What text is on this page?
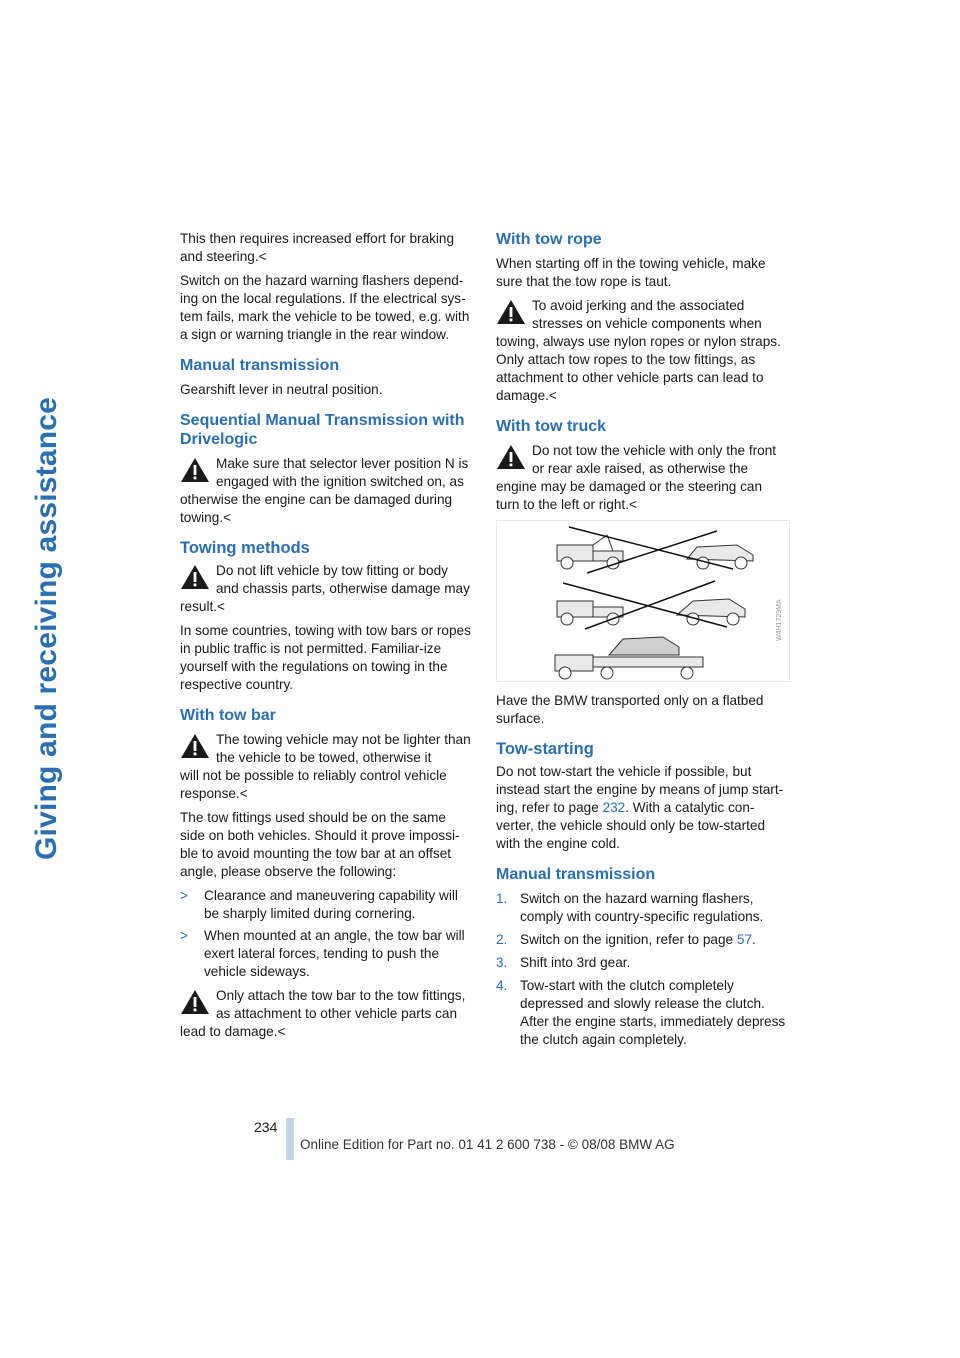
Giving and receiving assistance

This then requires increased effort for braking and steering.<

Switch on the hazard warning flashers depend-ing on the local regulations. If the electrical sys-tem fails, mark the vehicle to be towed, e.g. with a sign or warning triangle in the rear window.

Manual transmission

Gearshift lever in neutral position.

Sequential Manual Transmission with Drivelogic
Make sure that selector lever position N is engaged with the ignition switched on, as
otherwise the engine can be damaged during towing.<
Towing methods
Do not lift vehicle by tow fitting or body and chassis parts, otherwise damage may
result.<

In some countries, towing with tow bars or ropes in public traffic is not permitted. Familiar-ize yourself with the regulations on towing in the respective country.

With tow bar
The towing vehicle may not be lighter than the vehicle to be towed, otherwise it
will not be possible to reliably control vehicle response.<

The tow fittings used should be on the same side on both vehicles. Should it prove impossi-ble to avoid mounting the tow bar at an offset angle, please observe the following:

> Clearance and maneuvering capability will be sharply limited during cornering.
> When mounted at an angle, the tow bar will exert lateral forces, tending to push the vehicle sideways.
Only attach the tow bar to the tow fittings, as attachment to other vehicle parts can
lead to damage.<
With tow rope

When starting off in the towing vehicle, make sure that the tow rope is taut.

To avoid jerking and the associated stresses on vehicle components when
towing, always use nylon ropes or nylon straps. Only attach tow ropes to the tow fittings, as attachment to other vehicle parts can lead to damage.<
With tow truck
Do not tow the vehicle with only the front or rear axle raised, as otherwise the
engine may be damaged or the steering can turn to the left or right.<
W4H1729MA

Have the BMW transported only on a flatbed surface.

Tow-starting

Do not tow-start the vehicle if possible, but instead start the engine by means of jump start-ing, refer to page 232. With a catalytic con-verter, the vehicle should only be tow-started with the engine cold.

Manual transmission
1. Switch on the hazard warning flashers, comply with country-specific regulations.
2. Switch on the ignition, refer to page 57.
3. Shift into 3rd gear.
4. Tow-start with the clutch completely depressed and slowly release the clutch. After the engine starts, immediately depress the clutch again completely.
234
Online Edition for Part no. 01 41 2 600 738 - © 08/08 BMW AG
